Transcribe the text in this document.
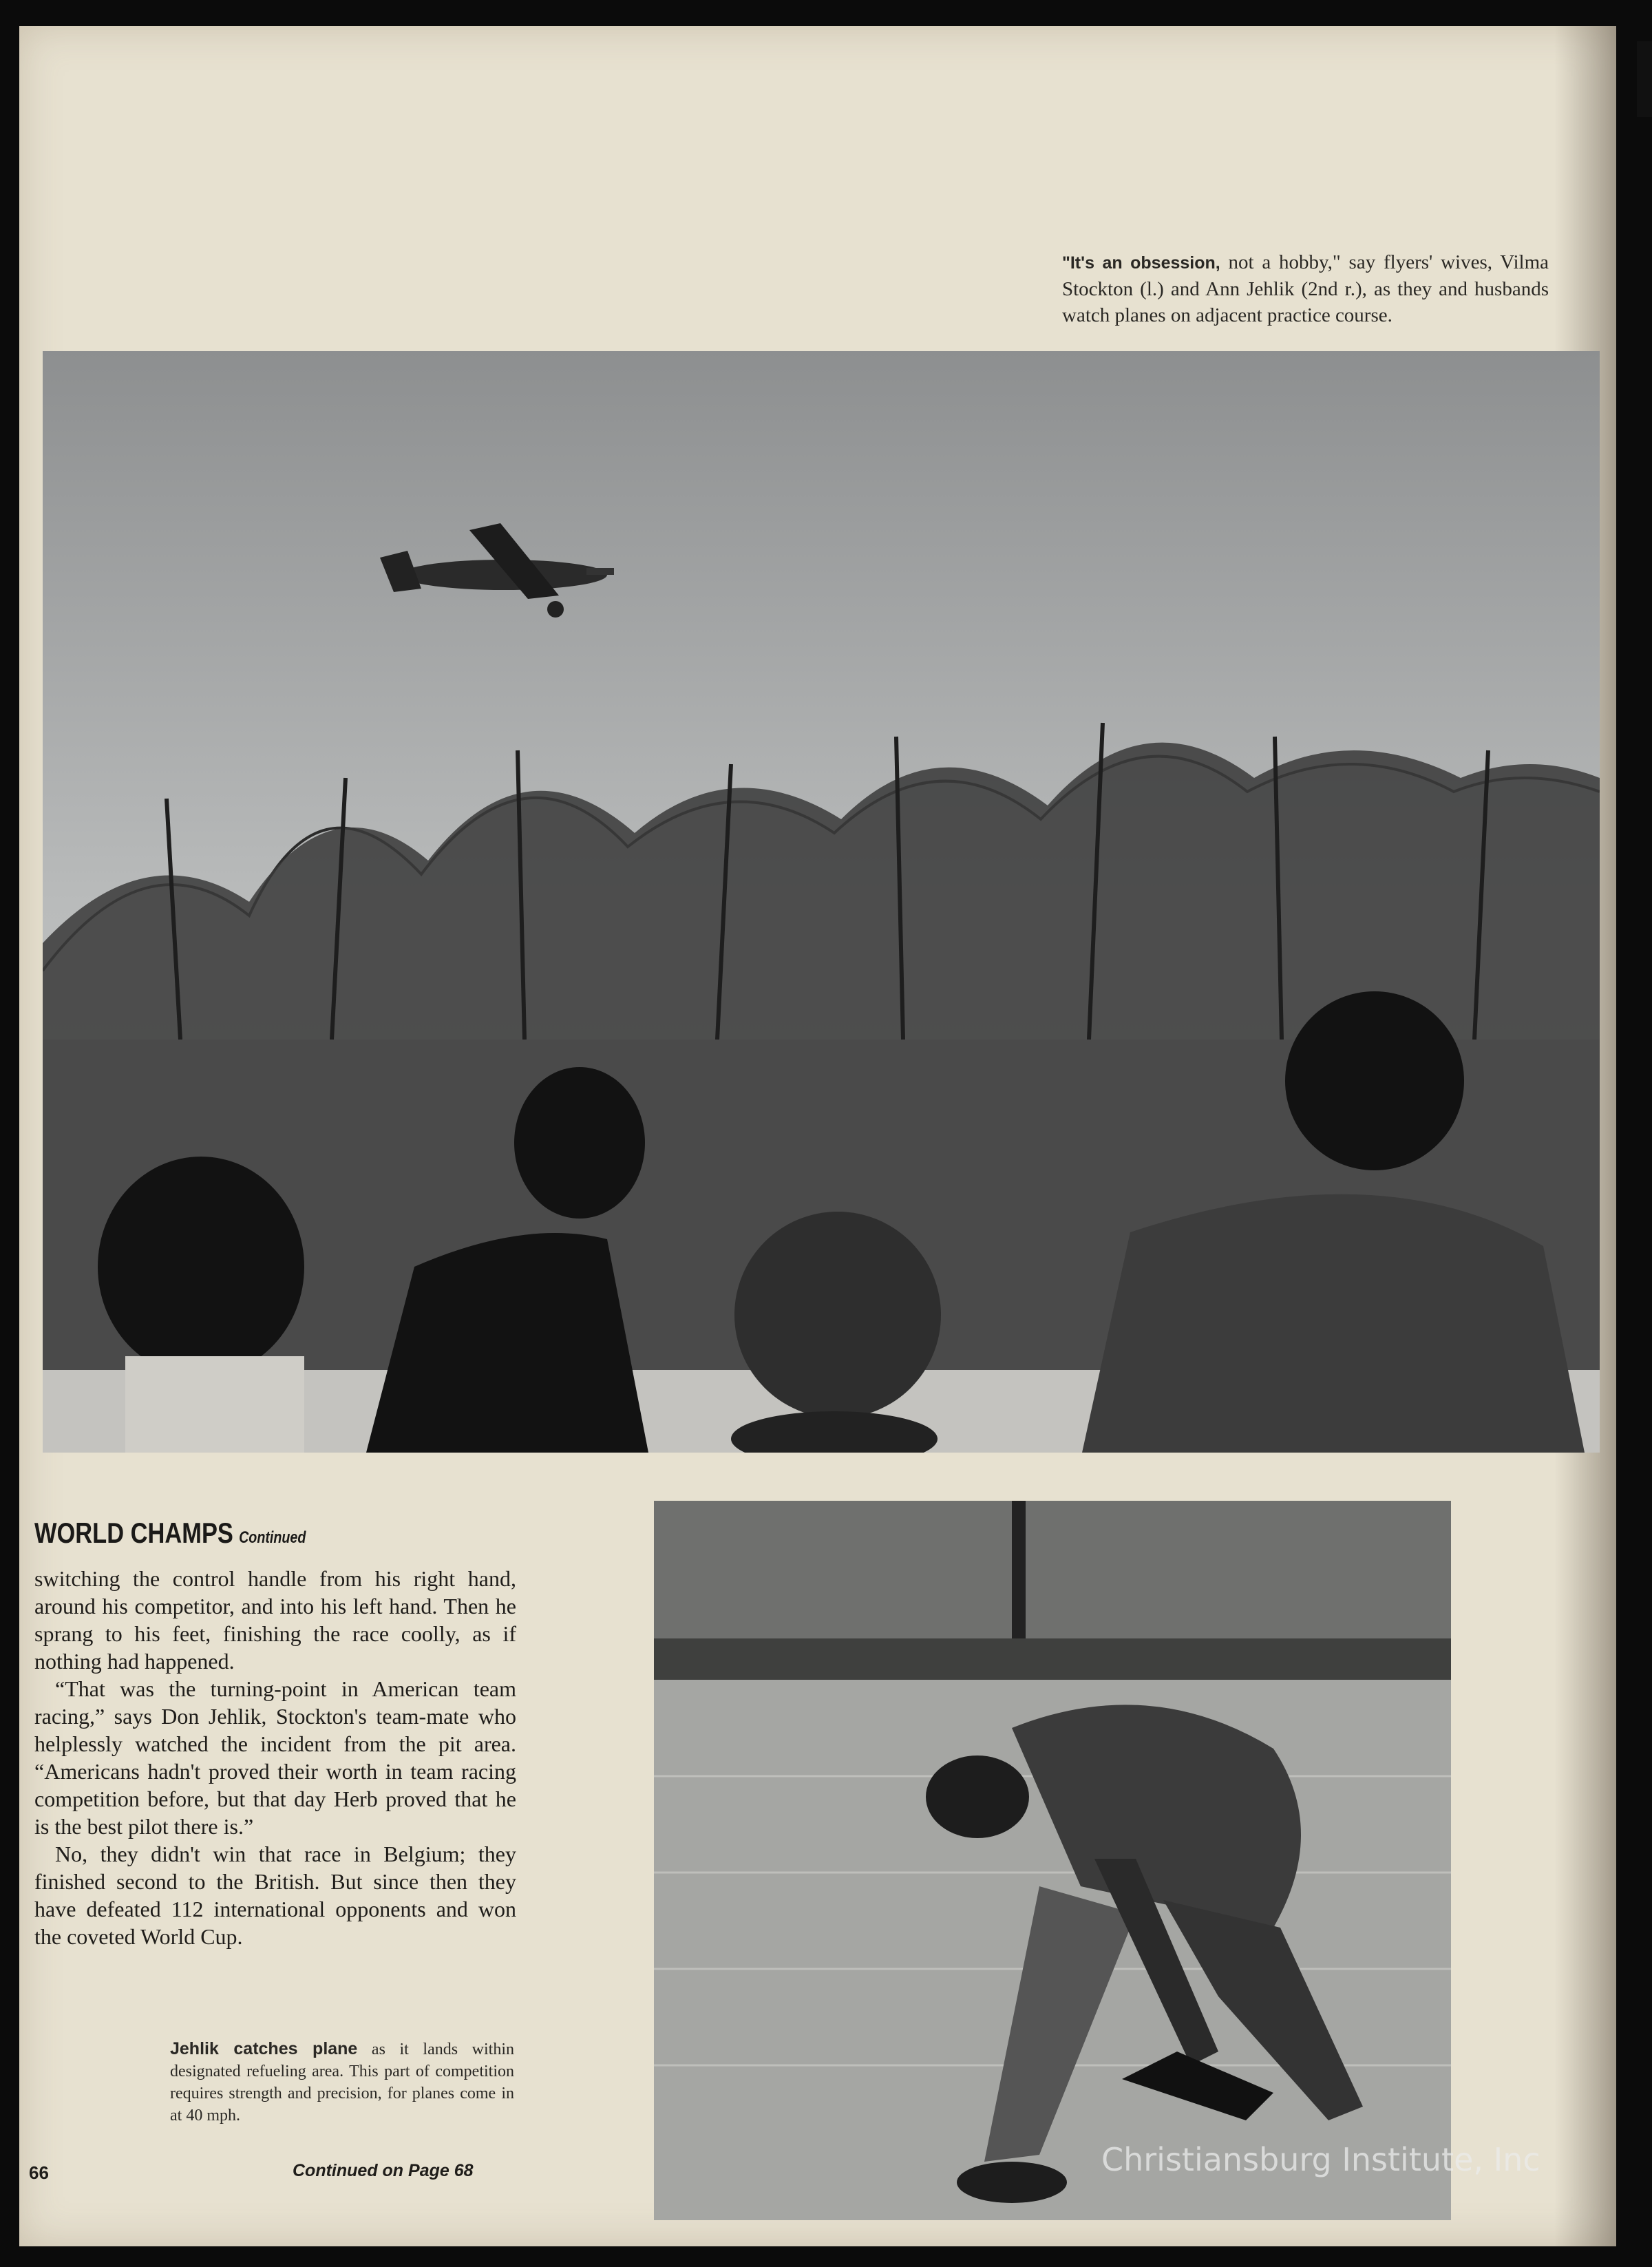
"It's an obsession, not a hobby," say flyers' wives, Vilma Stockton (l.) and Ann Jehlik (2nd r.), as they and husbands watch planes on adjacent practice course.
WORLD CHAMPS Continued

switching the control handle from his right hand, around his competitor, and into his left hand. Then he sprang to his feet, finishing the race coolly, as if nothing had happened.

“That was the turning-point in American team racing,” says Don Jehlik, Stockton's team-mate who helplessly watched the incident from the pit area. “Americans hadn't proved their worth in team racing competition before, but that day Herb proved that he is the best pilot there is.”

No, they didn't win that race in Belgium; they finished second to the British. But since then they have defeated 112 international opponents and won the coveted World Cup.

Jehlik catches plane as it lands within designated refueling area. This part of competition requires strength and precision, for planes come in at 40 mph.
66	Continued on Page 68	Christiansburg Institute, Inc
